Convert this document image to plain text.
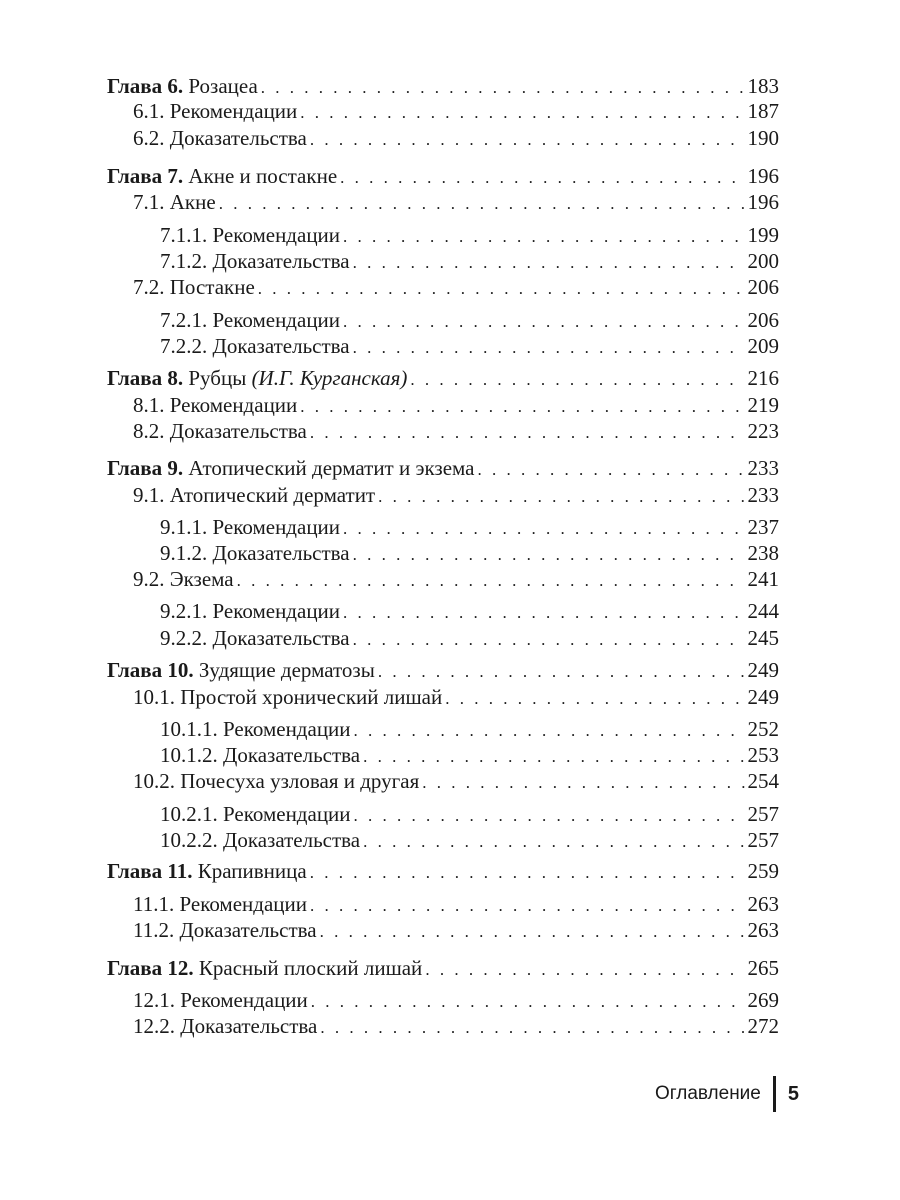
Глава 6. Розацеа . . .	183
6.1. Рекомендации . . .	187
6.2. Доказательства . . .	190
Глава 7. Акне и постакне . . .	196
7.1. Акне . . .	196
7.1.1. Рекомендации . . .	199
7.1.2. Доказательства . . .	200
7.2. Постакне . . .	206
7.2.1. Рекомендации . . .	206
7.2.2. Доказательства . . .	209
Глава 8. Рубцы (И.Г. Курганская) . . .	216
8.1. Рекомендации . . .	219
8.2. Доказательства . . .	223
Глава 9. Атопический дерматит и экзема . . .	233
9.1. Атопический дерматит . . .	233
9.1.1. Рекомендации . . .	237
9.1.2. Доказательства . . .	238
9.2. Экзема . . .	241
9.2.1. Рекомендации . . .	244
9.2.2. Доказательства . . .	245
Глава 10. Зудящие дерматозы . . .	249
10.1. Простой хронический лишай . . .	249
10.1.1. Рекомендации . . .	252
10.1.2. Доказательства . . .	253
10.2. Почесуха узловая и другая . . .	254
10.2.1. Рекомендации . . .	257
10.2.2. Доказательства . . .	257
Глава 11. Крапивница . . .	259
11.1. Рекомендации . . .	263
11.2. Доказательства . . .	263
Глава 12. Красный плоский лишай . . .	265
12.1. Рекомендации . . .	269
12.2. Доказательства . . .	272
Оглавление	5
